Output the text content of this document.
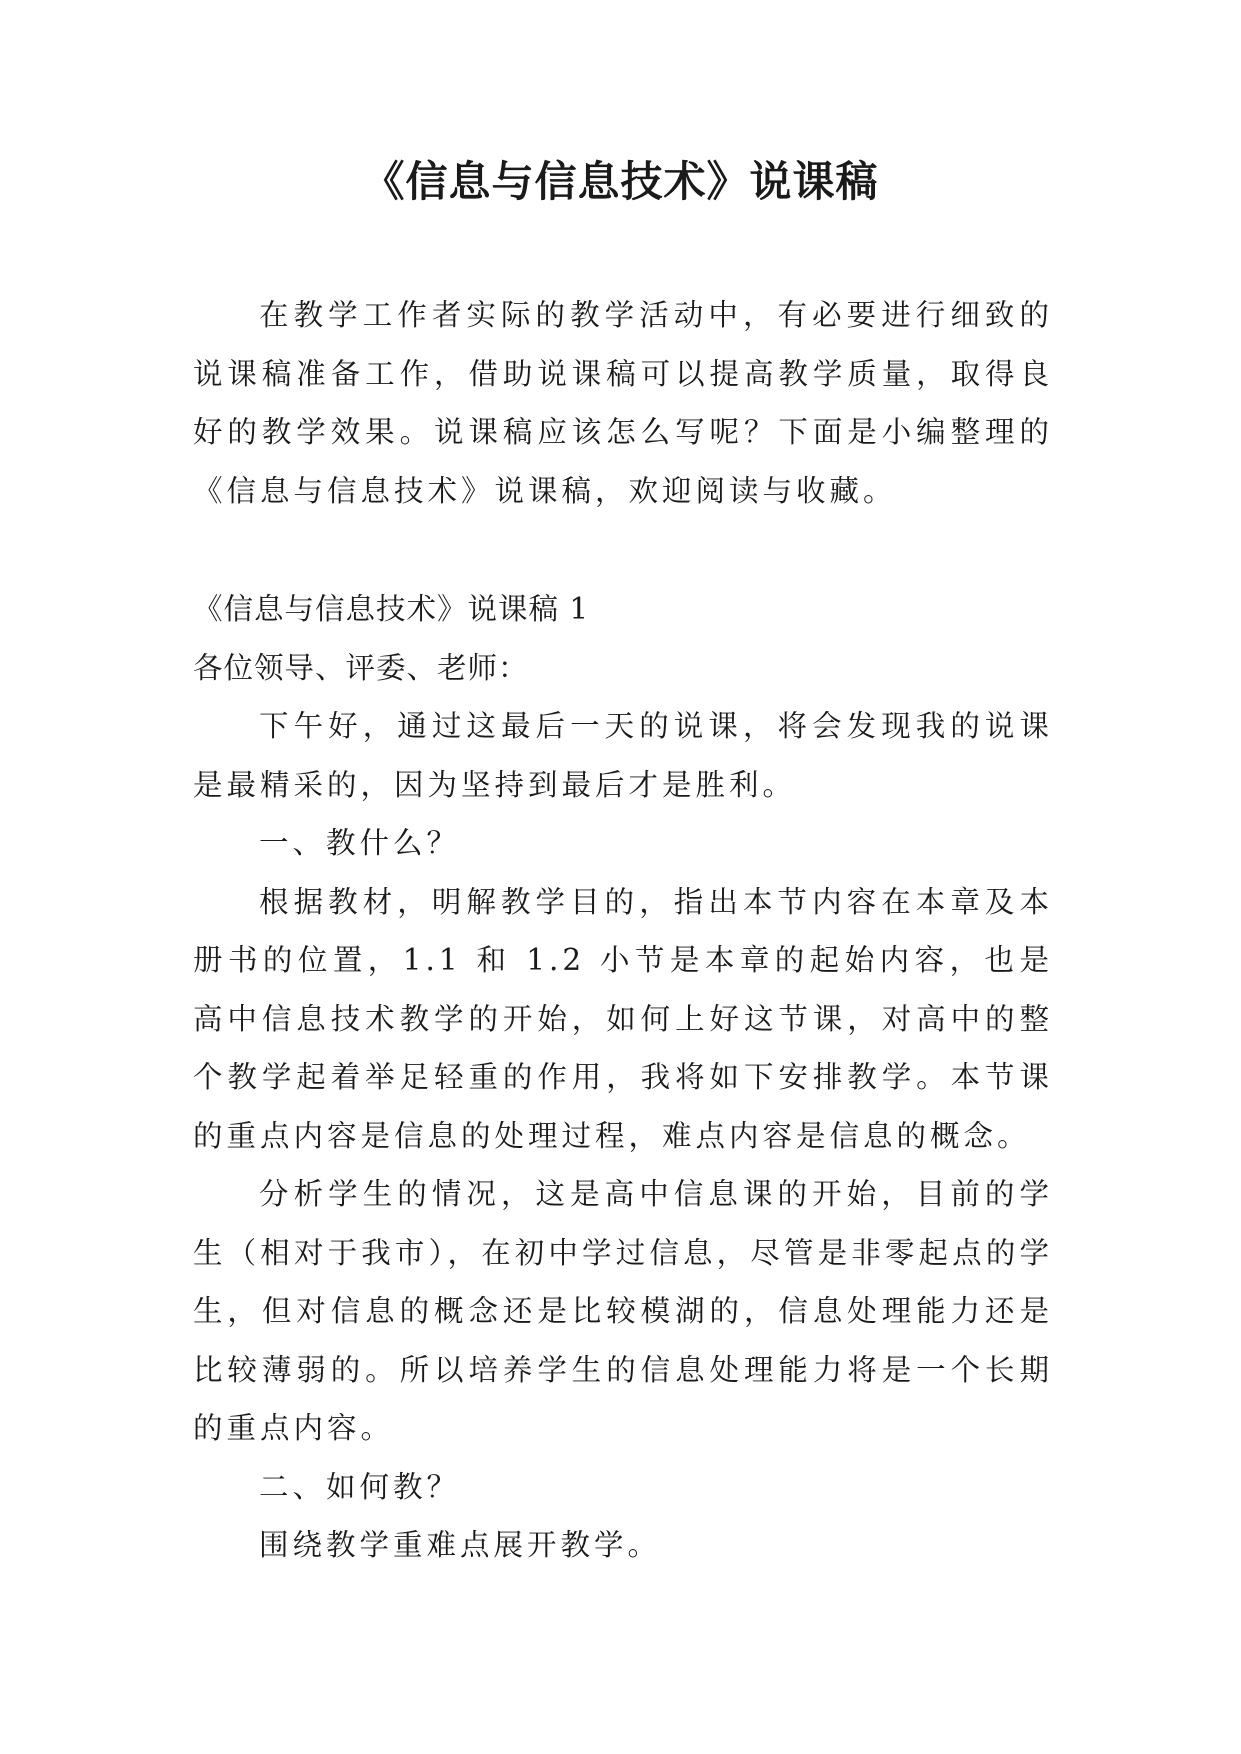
《信息与信息技术》说课稿

在教学工作者实际的教学活动中，有必要进行细致的说课稿准备工作，借助说课稿可以提高教学质量，取得良好的教学效果。说课稿应该怎么写呢？下面是小编整理的《信息与信息技术》说课稿，欢迎阅读与收藏。

《信息与信息技术》说课稿 1

各位领导、评委、老师：

下午好，通过这最后一天的说课，将会发现我的说课是最精采的，因为坚持到最后才是胜利。

一、教什么？

根据教材，明解教学目的，指出本节内容在本章及本册书的位置，1.1 和 1.2 小节是本章的起始内容，也是高中信息技术教学的开始，如何上好这节课，对高中的整个教学起着举足轻重的作用，我将如下安排教学。本节课的重点内容是信息的处理过程，难点内容是信息的概念。

分析学生的情况，这是高中信息课的开始，目前的学生（相对于我市），在初中学过信息，尽管是非零起点的学生，但对信息的概念还是比较模湖的，信息处理能力还是比较薄弱的。所以培养学生的信息处理能力将是一个长期的重点内容。

二、如何教？

围绕教学重难点展开教学。
